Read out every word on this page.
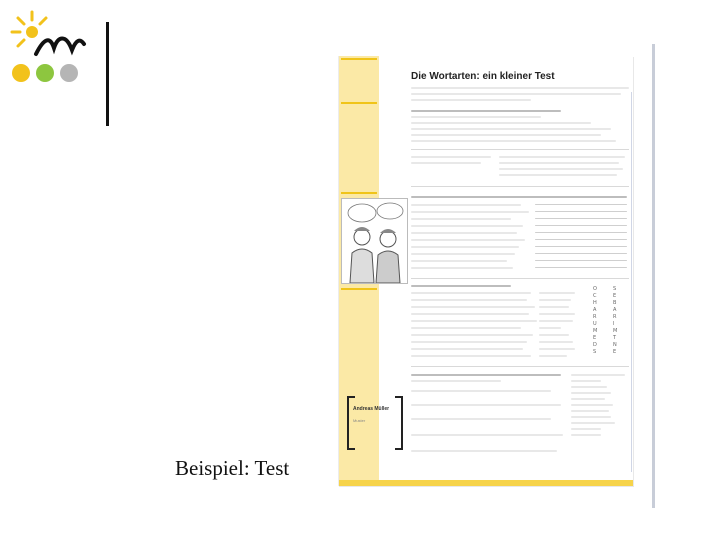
Die Wortarten: ein kleiner Test
O
C
H
A
R
U
M
E
D
S
S
E
B
A
R
I
M
T
N
E
Andreas Müller
Muster
Beispiel: Test
